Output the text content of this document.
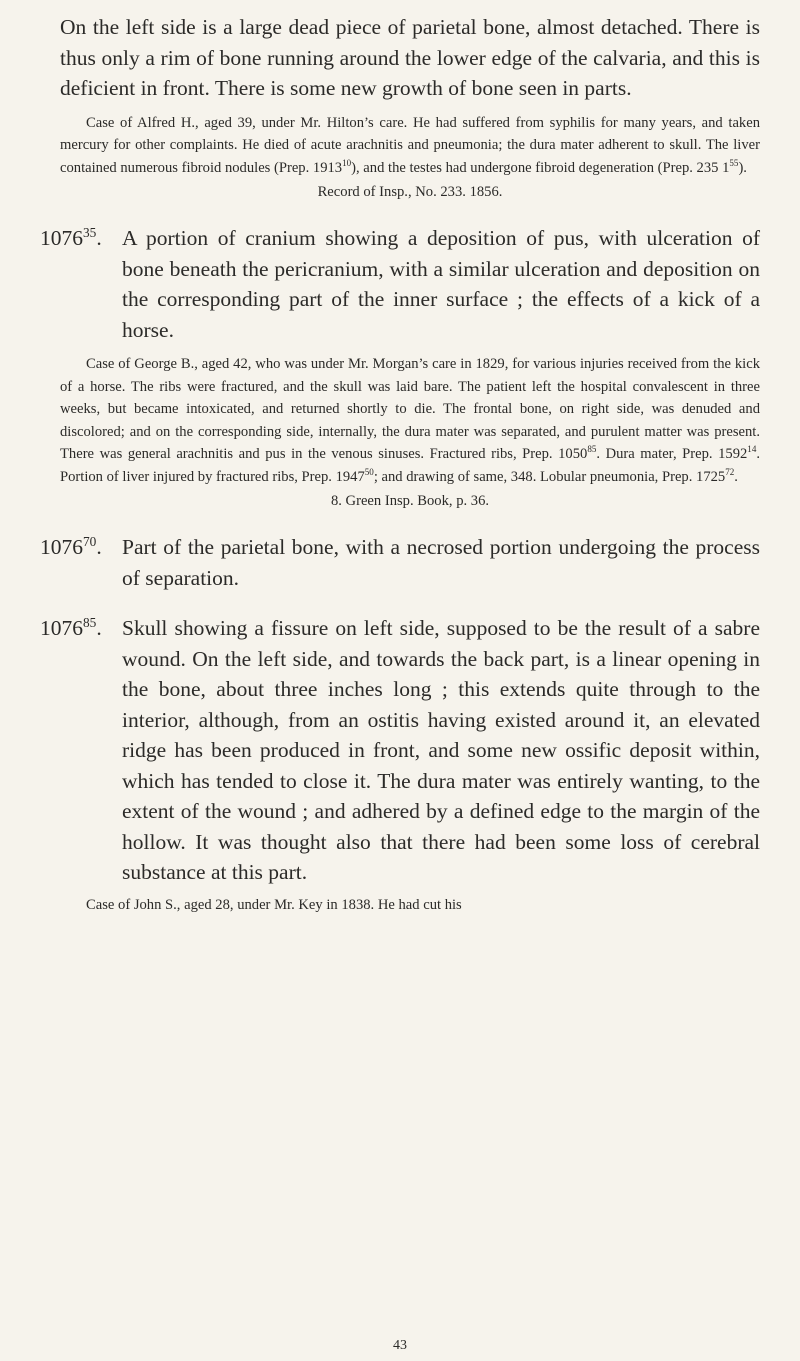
On the left side is a large dead piece of parietal bone, almost detached. There is thus only a rim of bone running around the lower edge of the calvaria, and this is deficient in front. There is some new growth of bone seen in parts.

Case of Alfred H., aged 39, under Mr. Hilton’s care. He had suffered from syphilis for many years, and taken mercury for other complaints. He died of acute arachnitis and pneumonia; the dura mater adherent to skull. The liver contained numerous fibroid nodules (Prep. 1913$^{10}$), and the testes had undergone fibroid degeneration (Prep. 235 $1^{55}$).

Record of Insp., No. 233. 1856.

1076$^{35}$. A portion of cranium showing a deposition of pus, with ulceration of bone beneath the pericranium, with a similar ulceration and deposition on the corresponding part of the inner surface ; the effects of a kick of a horse.

Case of George B., aged 42, who was under Mr. Morgan’s care in 1829, for various injuries received from the kick of a horse. The ribs were fractured, and the skull was laid bare. The patient left the hospital convalescent in three weeks, but became intoxicated, and returned shortly to die. The frontal bone, on right side, was denuded and discolored; and on the corresponding side, internally, the dura mater was separated, and purulent matter was present. There was general arachnitis and pus in the venous sinuses. Fractured ribs, Prep. 1050$^{85}$. Dura mater, Prep. 1592$^{14}$. Portion of liver injured by fractured ribs, Prep. 1947$^{50}$; and drawing of same, 348. Lobular pneumonia, Prep. 1725$^{72}$.

8. Green Insp. Book, p. 36.

1076$^{70}$. Part of the parietal bone, with a necrosed portion undergoing the process of separation.

1076$^{85}$. Skull showing a fissure on left side, supposed to be the result of a sabre wound. On the left side, and towards the back part, is a linear opening in the bone, about three inches long ; this extends quite through to the interior, although, from an ostitis having existed around it, an elevated ridge has been produced in front, and some new ossific deposit within, which has tended to close it. The dura mater was entirely wanting, to the extent of the wound ; and adhered by a defined edge to the margin of the hollow. It was thought also that there had been some loss of cerebral substance at this part.

Case of John S., aged 28, under Mr. Key in 1838. He had cut his

43
